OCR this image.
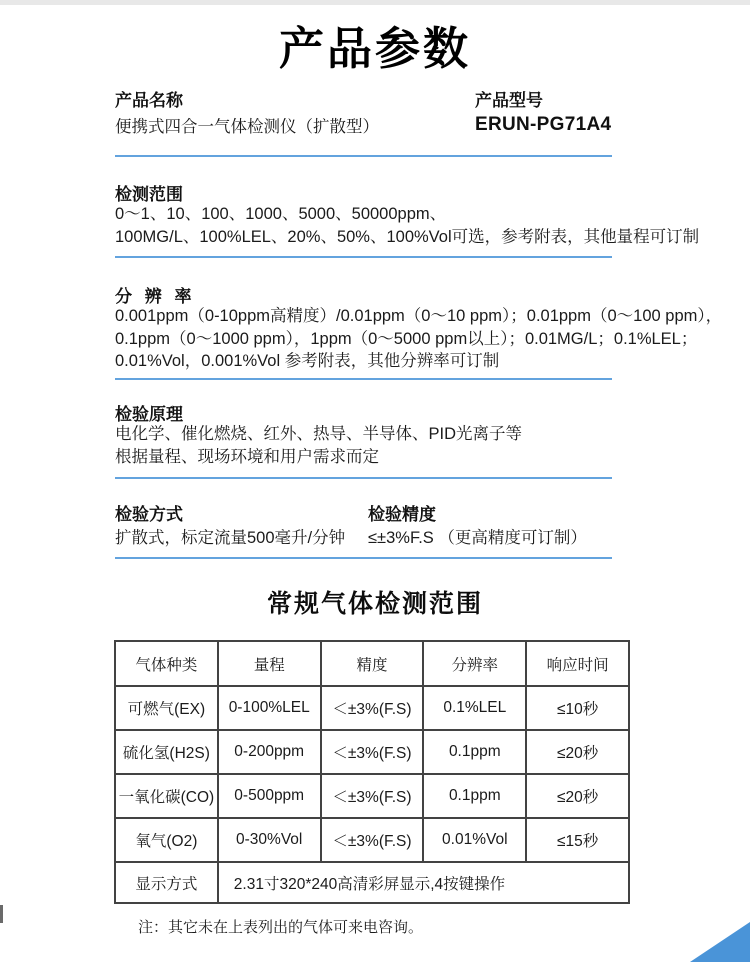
产品参数
产品名称
便携式四合一气体检测仪（扩散型）
产品型号
ERUN-PG71A4
检测范围
0～1、10、100、1000、5000、50000ppm、
100MG/L、100%LEL、20%、50%、100%Vol可选，参考附表，其他量程可订制
分 辨 率
0.001ppm（0-10ppm高精度）/0.01ppm（0～10 ppm）；0.01ppm（0～100 ppm），
0.1ppm（0～1000 ppm），1ppm（0～5000 ppm以上）；0.01MG/L；0.1%LEL；
0.01%Vol，0.001%Vol 参考附表，其他分辨率可订制
检验原理
电化学、催化燃烧、红外、热导、半导体、PID光离子等
根据量程、现场环境和用户需求而定
检验方式	检验精度
扩散式，标定流量500毫升/分钟 ≤±3%F.S （更高精度可订制）
常规气体检测范围
气体种类	量程	精度	分辨率	响应时间
可燃气(EX)	0-100%LEL	＜±3%(F.S)	0.1%LEL	≤10秒
硫化氢(H2S)	0-200ppm	＜±3%(F.S)	0.1ppm	≤20秒
一氧化碳(CO)	0-500ppm	＜±3%(F.S)	0.1ppm	≤20秒
氧气(O2)	0-30%Vol	＜±3%(F.S)	0.01%Vol	≤15秒
显示方式	2.31寸320*240高清彩屏显示,4按键操作			
注：其它未在上表列出的气体可来电咨询。
